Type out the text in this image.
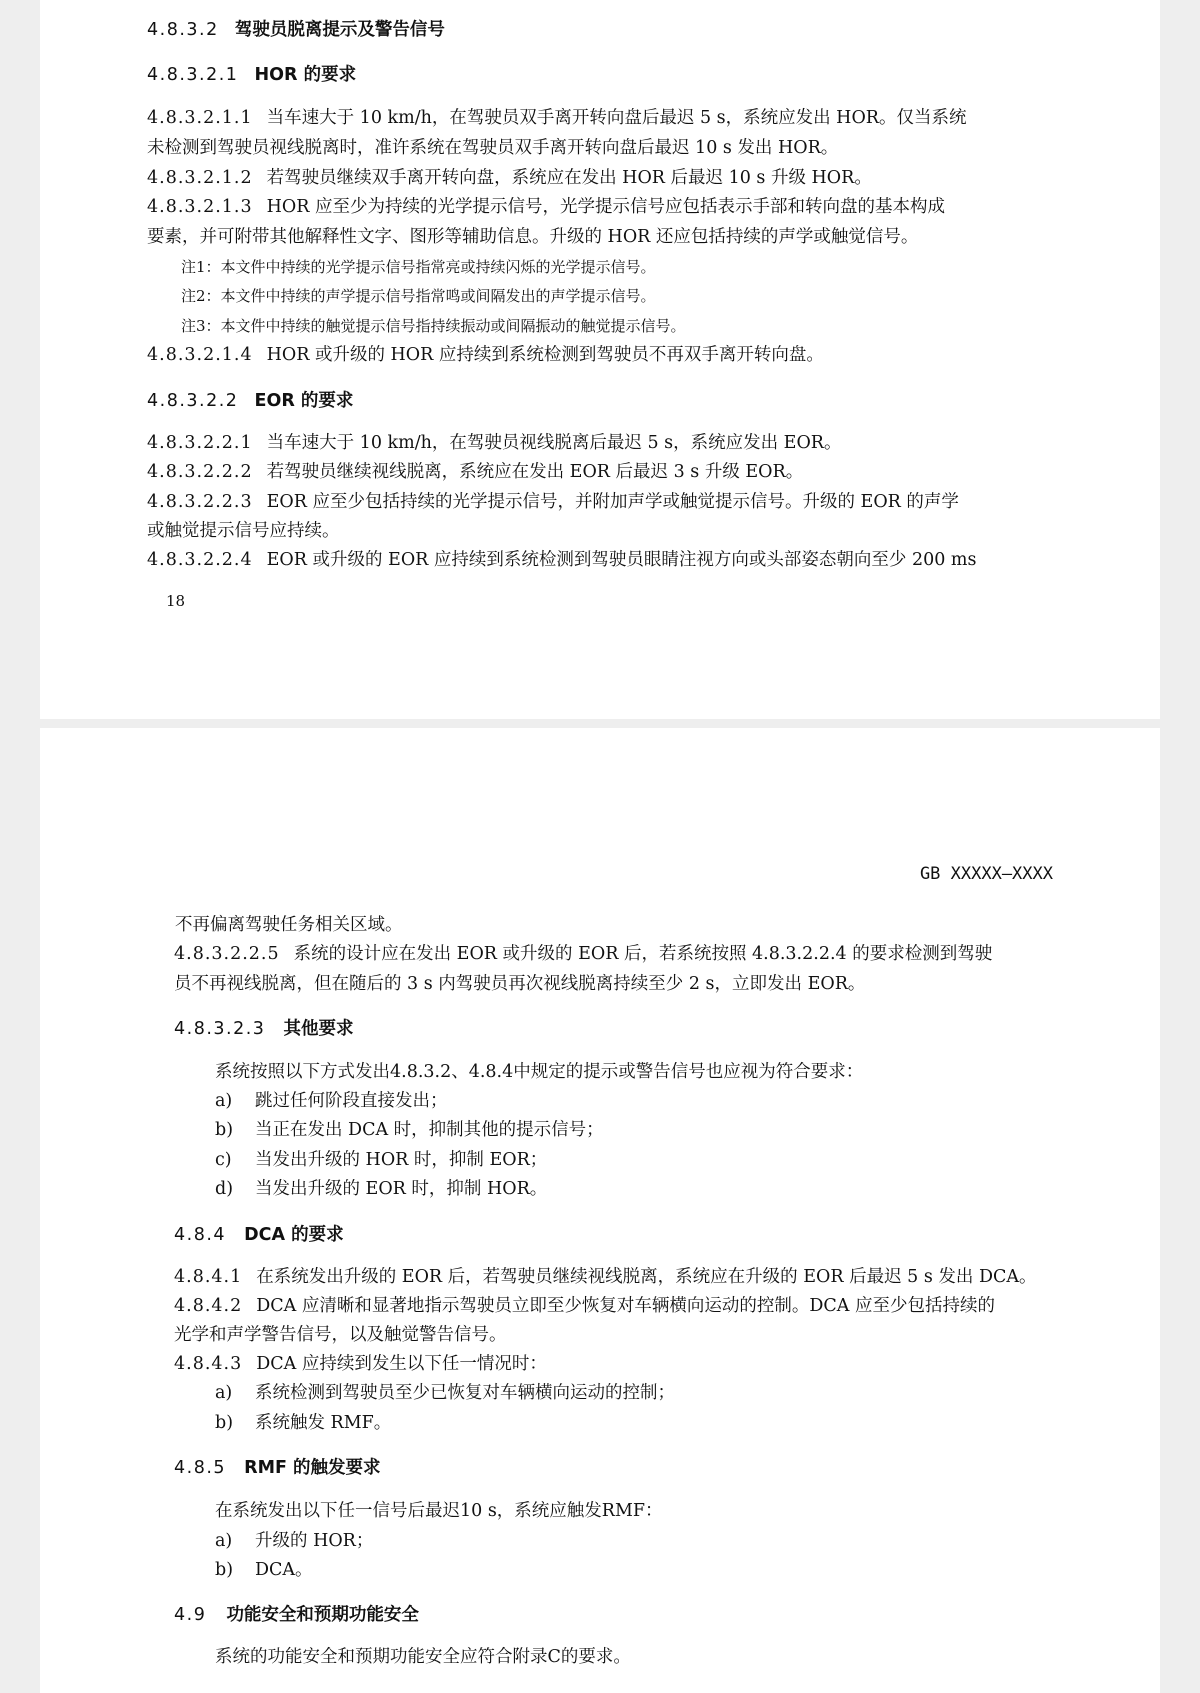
4.8.3.2 驾驶员脱离提示及警告信号
4.8.3.2.1 HOR 的要求
4.8.3.2.1.1 当车速大于 10 km/h，在驾驶员双手离开转向盘后最迟 5 s，系统应发出 HOR。仅当系统
未检测到驾驶员视线脱离时，准许系统在驾驶员双手离开转向盘后最迟 10 s 发出 HOR。
4.8.3.2.1.2 若驾驶员继续双手离开转向盘，系统应在发出 HOR 后最迟 10 s 升级 HOR。
4.8.3.2.1.3 HOR 应至少为持续的光学提示信号，光学提示信号应包括表示手部和转向盘的基本构成
要素，并可附带其他解释性文字、图形等辅助信息。升级的 HOR 还应包括持续的声学或触觉信号。
注1：本文件中持续的光学提示信号指常亮或持续闪烁的光学提示信号。
注2：本文件中持续的声学提示信号指常鸣或间隔发出的声学提示信号。
注3：本文件中持续的触觉提示信号指持续振动或间隔振动的触觉提示信号。
4.8.3.2.1.4 HOR 或升级的 HOR 应持续到系统检测到驾驶员不再双手离开转向盘。
4.8.3.2.2 EOR 的要求
4.8.3.2.2.1 当车速大于 10 km/h，在驾驶员视线脱离后最迟 5 s，系统应发出 EOR。
4.8.3.2.2.2 若驾驶员继续视线脱离，系统应在发出 EOR 后最迟 3 s 升级 EOR。
4.8.3.2.2.3 EOR 应至少包括持续的光学提示信号，并附加声学或触觉提示信号。升级的 EOR 的声学
或触觉提示信号应持续。
4.8.3.2.2.4 EOR 或升级的 EOR 应持续到系统检测到驾驶员眼睛注视方向或头部姿态朝向至少 200 ms
18
GB XXXXX—XXXX
不再偏离驾驶任务相关区域。
4.8.3.2.2.5 系统的设计应在发出 EOR 或升级的 EOR 后，若系统按照 4.8.3.2.2.4 的要求检测到驾驶
员不再视线脱离，但在随后的 3 s 内驾驶员再次视线脱离持续至少 2 s，立即发出 EOR。
4.8.3.2.3 其他要求
系统按照以下方式发出4.8.3.2、4.8.4中规定的提示或警告信号也应视为符合要求：
a) 跳过任何阶段直接发出；
b) 当正在发出 DCA 时，抑制其他的提示信号；
c) 当发出升级的 HOR 时，抑制 EOR；
d) 当发出升级的 EOR 时，抑制 HOR。
4.8.4 DCA 的要求
4.8.4.1 在系统发出升级的 EOR 后，若驾驶员继续视线脱离，系统应在升级的 EOR 后最迟 5 s 发出 DCA。
4.8.4.2 DCA 应清晰和显著地指示驾驶员立即至少恢复对车辆横向运动的控制。DCA 应至少包括持续的
光学和声学警告信号，以及触觉警告信号。
4.8.4.3 DCA 应持续到发生以下任一情况时：
a) 系统检测到驾驶员至少已恢复对车辆横向运动的控制；
b) 系统触发 RMF。
4.8.5 RMF 的触发要求
在系统发出以下任一信号后最迟10 s，系统应触发RMF：
a) 升级的 HOR；
b) DCA。
4.9 功能安全和预期功能安全
系统的功能安全和预期功能安全应符合附录C的要求。
